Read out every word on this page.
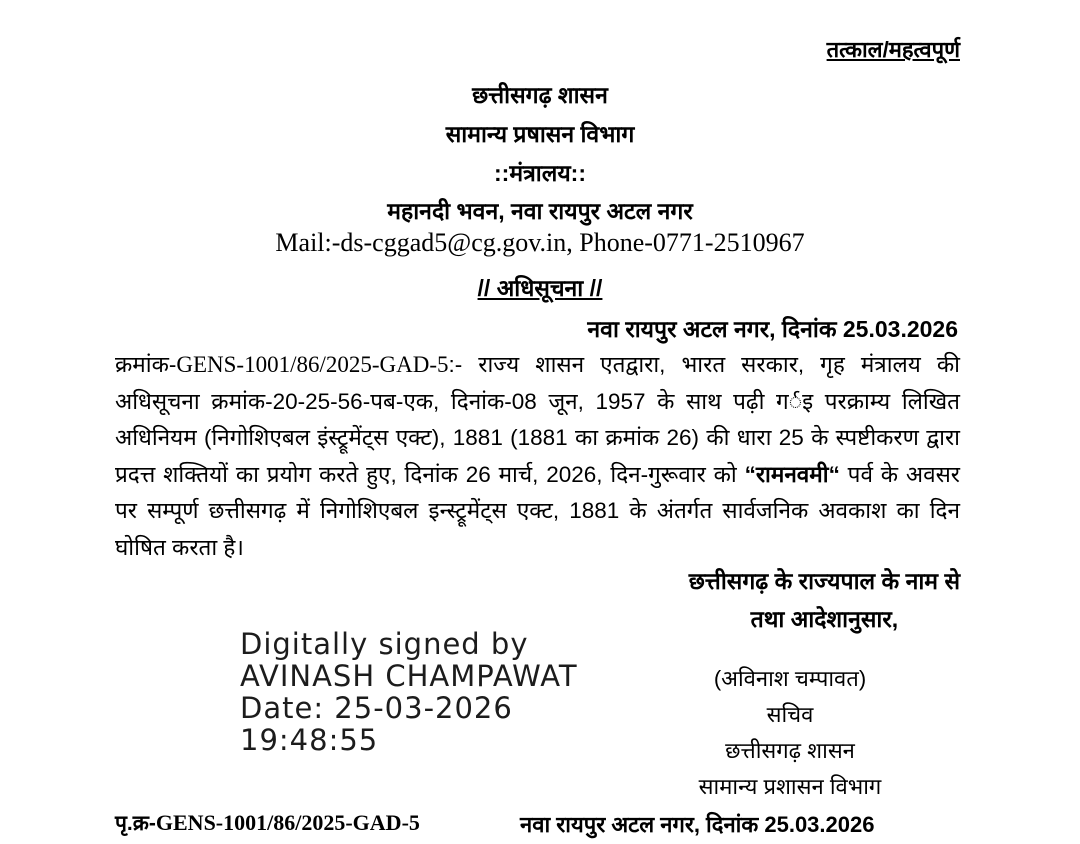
तत्काल/महत्वपूर्ण
छत्तीसगढ़ शासन
सामान्य प्रषासन विभाग
::मंत्रालय::
महानदी भवन, नवा रायपुर अटल नगर
Mail:-ds-cggad5@cg.gov.in, Phone-0771-2510967
// अधिसूचना //
नवा रायपुर अटल नगर, दिनांक 25.03.2026
क्रमांक-GENS-1001/86/2025-GAD-5:- राज्य शासन एतद्वारा, भारत सरकार, गृह मंत्रालय की अधिसूचना क्रमांक-20-25-56-पब-एक, दिनांक-08 जून, 1957 के साथ पढ़ी गर्इ परक्राम्य लिखित अधिनियम (निगोशिएबल इंस्ट्रूमेंट्स एक्ट), 1881 (1881 का क्रमांक 26) की धारा 25 के स्पष्टीकरण द्वारा प्रदत्त शक्तियों का प्रयोग करते हुए, दिनांक 26 मार्च, 2026, दिन-गुरूवार को “रामनवमी“ पर्व के अवसर पर सम्पूर्ण छत्तीसगढ़ में निगोशिएबल इन्स्ट्रूमेंट्स एक्ट, 1881 के अंतर्गत सार्वजनिक अवकाश का दिन घोषित करता है।
छत्तीसगढ़ के राज्यपाल के नाम से
तथा आदेशानुसार,
Digitally signed by
AVINASH CHAMPAWAT
Date: 25-03-2026
19:48:55
(अविनाश चम्पावत)
सचिव
छत्तीसगढ़ शासन
सामान्य प्रशासन विभाग
पृ.क्र-GENS-1001/86/2025-GAD-5	नवा रायपुर अटल नगर, दिनांक 25.03.2026
